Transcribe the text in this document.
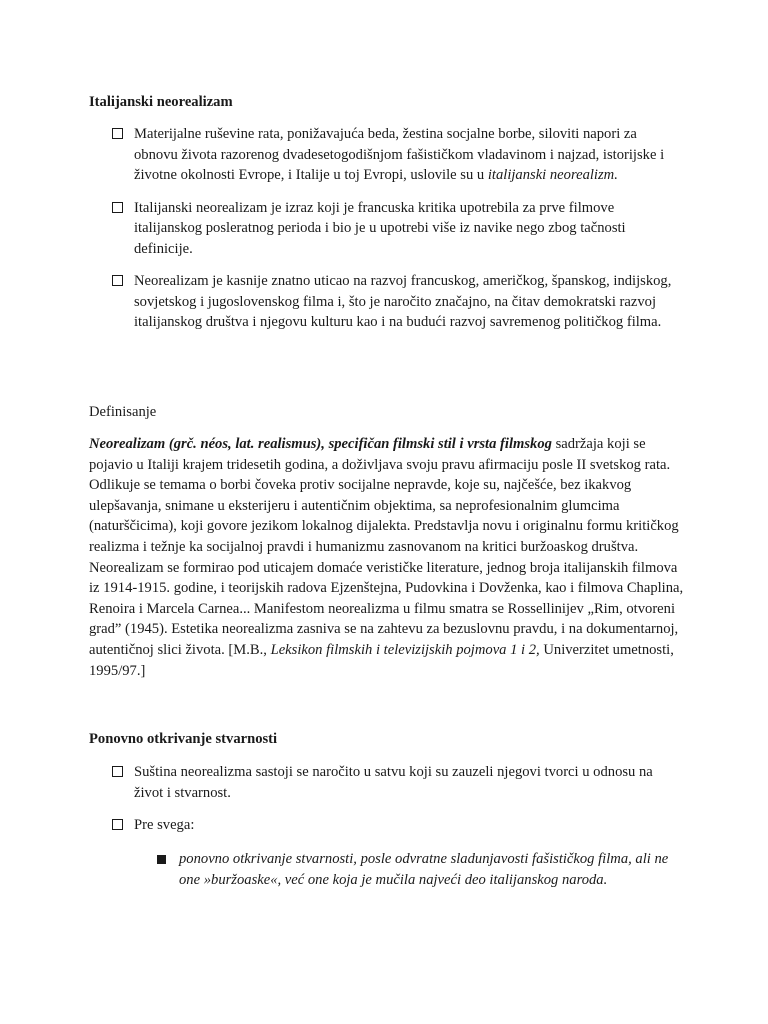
Italijanski neorealizam
Materijalne ruševine rata, ponižavajuća beda, žestina socjalne borbe, siloviti napori za obnovu života razorenog dvadesetogodišnjom fašističkom vladavinom i najzad, istorijske i životne okolnosti Evrope, i Italije u toj Evropi, uslovile su u italijanski neorealizm.
Italijanski neorealizam je izraz koji je francuska kritika upotrebila za prve filmove italijanskog posleratnog perioda i bio je u upotrebi više iz navike nego zbog tačnosti definicije.
Neorealizam je kasnije znatno uticao na razvoj francuskog, američkog, španskog, indijskog, sovjetskog i jugoslovenskog filma i, što je naročito značajno, na čitav demokratski razvoj italijanskog društva i njegovu kulturu kao i na budući razvoj savremenog političkog filma.
Definisanje
Neorealizam (grč. néos, lat. realismus), specifičan filmski stil i vrsta filmskog sadržaja koji se pojavio u Italiji krajem tridesetih godina, a doživljava svoju pravu afirmaciju posle II svetskog rata. Odlikuje se temama o borbi čoveka protiv socijalne nepravde, koje su, najčešće, bez ikakvog ulepšavanja, snimane u eksterijeru i autentičnim objektima, sa neprofesionalnim glumcima (naturščicima), koji govore jezikom lokalnog dijalekta. Predstavlja novu i originalnu formu kritičkog realizma i težnje ka socijalnoj pravdi i humanizmu zasnovanom na kritici buržoaskog društva. Neorealizam se formirao pod uticajem domaće verističke literature, jednog broja italijanskih filmova iz 1914-1915. godine, i teorijskih radova Ejzenštejna, Pudovkina i Dovženka, kao i filmova Chaplina, Renoira i Marcela Carnea... Manifestom neorealizma u filmu smatra se Rossellinijev „Rim, otvoreni grad” (1945). Estetika neorealizma zasniva se na zahtevu za bezuslovnu pravdu, i na dokumentarnoj, autentičnoj slici života. [M.B., Leksikon filmskih i televizijskih pojmova 1 i 2, Univerzitet umetnosti, 1995/97.]
Ponovno otkrivanje stvarnosti
Suština neorealizma sastoji se naročito u satvu koji su zauzeli njegovi tvorci u odnosu na život i stvarnost.
Pre svega:
ponovno otkrivanje stvarnosti, posle odvratne sladunjavosti fašističkog filma, ali ne one »buržoaske«, već one koja je mučila najveći deo italijanskog naroda.
